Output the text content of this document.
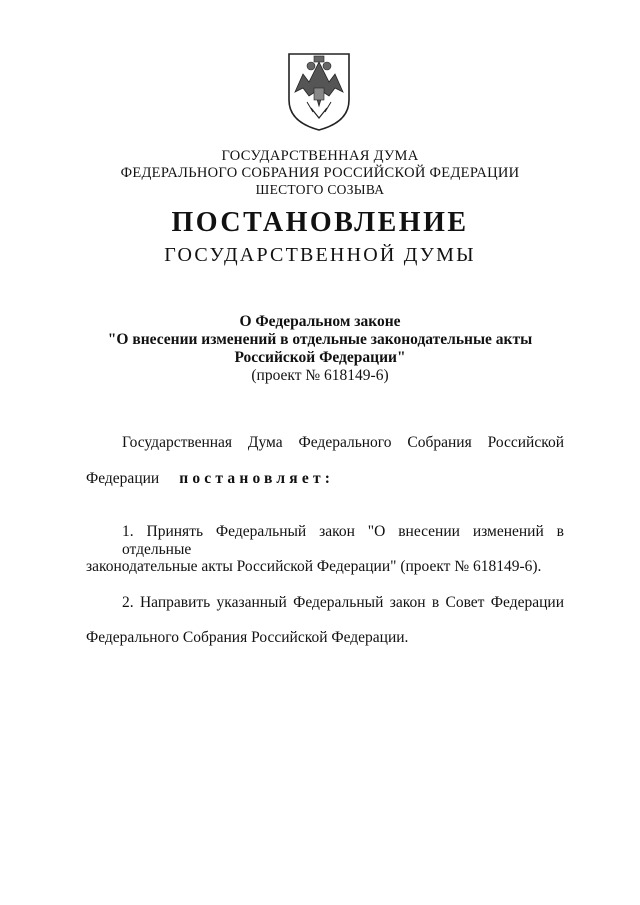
ГОСУДАРСТВЕННАЯ ДУМА
ФЕДЕРАЛЬНОГО СОБРАНИЯ РОССИЙСКОЙ ФЕДЕРАЦИИ
ШЕСТОГО СОЗЫВА
ПОСТАНОВЛЕНИЕ
ГОСУДАРСТВЕННОЙ ДУМЫ
О Федеральном законе
"О внесении изменений в отдельные законодательные акты
Российской Федерации"
(проект № 618149-6)
Государственная Дума Федерального Собрания Российской
Федерации постановляет:
1. Принять Федеральный закон "О внесении изменений в отдельные
законодательные акты Российской Федерации" (проект № 618149-6).
2. Направить указанный Федеральный закон в Совет Федерации
Федерального Собрания Российской Федерации.
